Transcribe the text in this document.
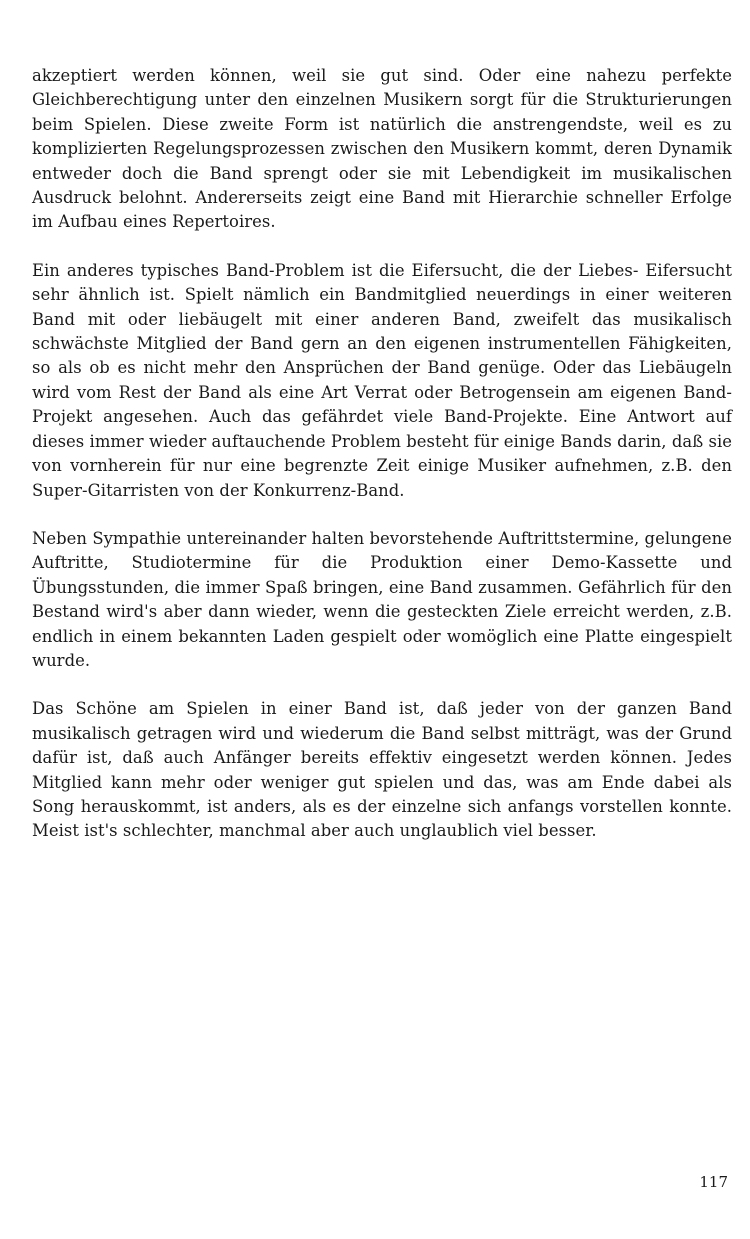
akzeptiert werden können, weil sie gut sind. Oder eine nahezu perfekte Gleichberechtigung unter den einzelnen Musikern sorgt für die Strukturierungen beim Spielen. Diese zweite Form ist natürlich die anstrengendste, weil es zu komplizierten Regelungsprozessen zwischen den Musikern kommt, deren Dynamik entweder doch die Band sprengt oder sie mit Lebendigkeit im musikalischen Ausdruck belohnt. Andererseits zeigt eine Band mit Hierarchie schneller Erfolge im Aufbau eines Repertoires.

Ein anderes typisches Band-Problem ist die Eifersucht, die der Liebes- Eifersucht sehr ähnlich ist. Spielt nämlich ein Bandmitglied neuerdings in einer weiteren Band mit oder liebäugelt mit einer anderen Band, zweifelt das musikalisch schwächste Mitglied der Band gern an den eigenen instrumentellen Fähigkeiten, so als ob es nicht mehr den Ansprüchen der Band genüge. Oder das Liebäugeln wird vom Rest der Band als eine Art Verrat oder Betrogensein am eigenen Band-Projekt angesehen. Auch das gefährdet viele Band-Projekte. Eine Antwort auf dieses immer wieder auftauchende Problem besteht für einige Bands darin, daß sie von vornherein für nur eine begrenzte Zeit einige Musiker aufnehmen, z.B. den Super-Gitarristen von der Konkurrenz-Band.

Neben Sympathie untereinander halten bevorstehende Auftrittstermine, gelungene Auftritte, Studiotermine für die Produktion einer Demo-Kassette und Übungsstunden, die immer Spaß bringen, eine Band zusammen. Gefährlich für den Bestand wird's aber dann wieder, wenn die gesteckten Ziele erreicht werden, z.B. endlich in einem bekannten Laden gespielt oder womöglich eine Platte eingespielt wurde.

Das Schöne am Spielen in einer Band ist, daß jeder von der ganzen Band musikalisch getragen wird und wiederum die Band selbst mitträgt, was der Grund dafür ist, daß auch Anfänger bereits effektiv eingesetzt werden können. Jedes Mitglied kann mehr oder weniger gut spielen und das, was am Ende dabei als Song herauskommt, ist anders, als es der einzelne sich anfangs vorstellen konnte. Meist ist's schlechter, manchmal aber auch unglaublich viel besser.

117
